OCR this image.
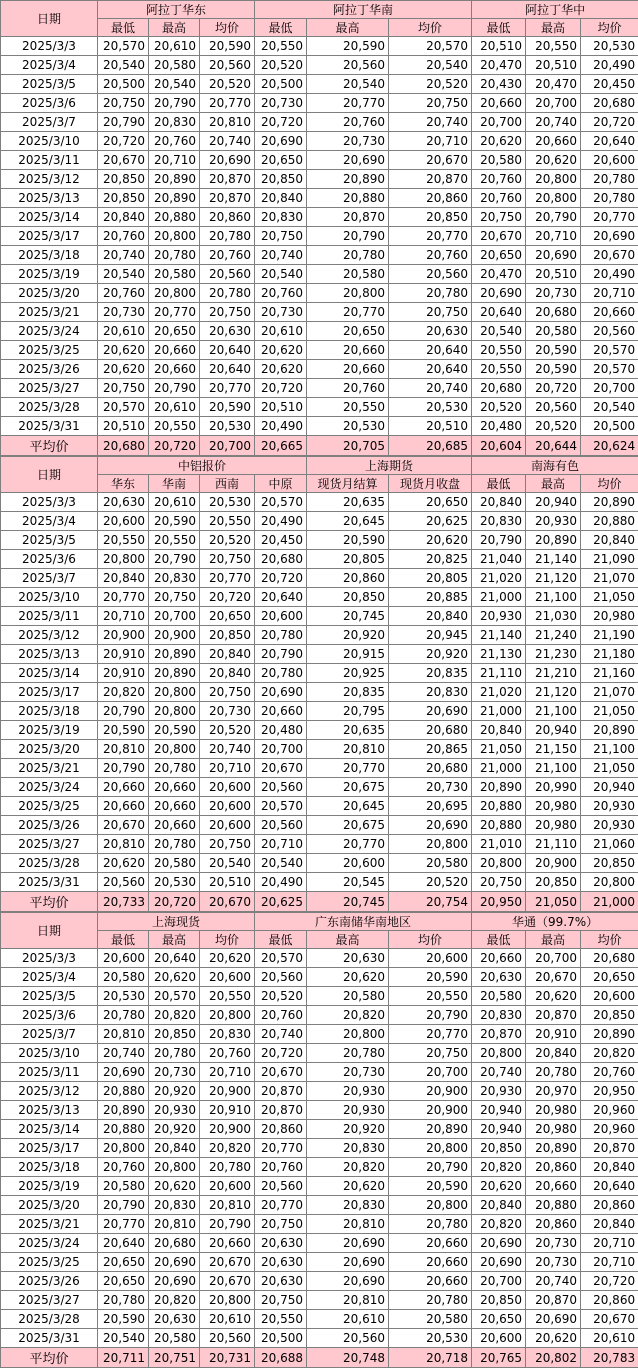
日期	阿拉丁华东			阿拉丁华南			阿拉丁华中		
	最低	最高	均价	最低	最高	均价	最低	最高	均价
2025/3/3	20,570	20,610	20,590	20,550	20,590	20,570	20,510	20,550	20,530
2025/3/4	20,540	20,580	20,560	20,520	20,560	20,540	20,470	20,510	20,490
2025/3/5	20,500	20,540	20,520	20,500	20,540	20,520	20,430	20,470	20,450
2025/3/6	20,750	20,790	20,770	20,730	20,770	20,750	20,660	20,700	20,680
2025/3/7	20,790	20,830	20,810	20,720	20,760	20,740	20,700	20,740	20,720
2025/3/10	20,720	20,760	20,740	20,690	20,730	20,710	20,620	20,660	20,640
2025/3/11	20,670	20,710	20,690	20,650	20,690	20,670	20,580	20,620	20,600
2025/3/12	20,850	20,890	20,870	20,850	20,890	20,870	20,760	20,800	20,780
2025/3/13	20,850	20,890	20,870	20,840	20,880	20,860	20,760	20,800	20,780
2025/3/14	20,840	20,880	20,860	20,830	20,870	20,850	20,750	20,790	20,770
2025/3/17	20,760	20,800	20,780	20,750	20,790	20,770	20,670	20,710	20,690
2025/3/18	20,740	20,780	20,760	20,740	20,780	20,760	20,650	20,690	20,670
2025/3/19	20,540	20,580	20,560	20,540	20,580	20,560	20,470	20,510	20,490
2025/3/20	20,760	20,800	20,780	20,760	20,800	20,780	20,690	20,730	20,710
2025/3/21	20,730	20,770	20,750	20,730	20,770	20,750	20,640	20,680	20,660
2025/3/24	20,610	20,650	20,630	20,610	20,650	20,630	20,540	20,580	20,560
2025/3/25	20,620	20,660	20,640	20,620	20,660	20,640	20,550	20,590	20,570
2025/3/26	20,620	20,660	20,640	20,620	20,660	20,640	20,550	20,590	20,570
2025/3/27	20,750	20,790	20,770	20,720	20,760	20,740	20,680	20,720	20,700
2025/3/28	20,570	20,610	20,590	20,510	20,550	20,530	20,520	20,560	20,540
2025/3/31	20,510	20,550	20,530	20,490	20,530	20,510	20,480	20,520	20,500
平均价	20,680	20,720	20,700	20,665	20,705	20,685	20,604	20,644	20,624
日期	中铝报价				上海期货		南海有色		
	华东	华南	西南	中原	现货月结算	现货月收盘	最低	最高	均价
2025/3/3	20,630	20,610	20,530	20,570	20,635	20,650	20,840	20,940	20,890
2025/3/4	20,600	20,590	20,550	20,490	20,645	20,625	20,830	20,930	20,880
2025/3/5	20,550	20,550	20,520	20,450	20,590	20,620	20,790	20,890	20,840
2025/3/6	20,800	20,790	20,750	20,680	20,805	20,825	21,040	21,140	21,090
2025/3/7	20,840	20,830	20,770	20,720	20,860	20,805	21,020	21,120	21,070
2025/3/10	20,770	20,750	20,720	20,640	20,850	20,885	21,000	21,100	21,050
2025/3/11	20,710	20,700	20,650	20,600	20,745	20,840	20,930	21,030	20,980
2025/3/12	20,900	20,900	20,850	20,780	20,920	20,945	21,140	21,240	21,190
2025/3/13	20,910	20,890	20,840	20,790	20,915	20,920	21,130	21,230	21,180
2025/3/14	20,910	20,890	20,840	20,780	20,925	20,835	21,110	21,210	21,160
2025/3/17	20,820	20,800	20,750	20,690	20,835	20,830	21,020	21,120	21,070
2025/3/18	20,790	20,800	20,730	20,660	20,795	20,690	21,000	21,100	21,050
2025/3/19	20,590	20,590	20,520	20,480	20,635	20,680	20,840	20,940	20,890
2025/3/20	20,810	20,800	20,740	20,700	20,810	20,865	21,050	21,150	21,100
2025/3/21	20,790	20,780	20,710	20,670	20,770	20,680	21,000	21,100	21,050
2025/3/24	20,660	20,660	20,600	20,560	20,675	20,730	20,890	20,990	20,940
2025/3/25	20,660	20,660	20,600	20,570	20,645	20,695	20,880	20,980	20,930
2025/3/26	20,670	20,660	20,600	20,560	20,675	20,690	20,880	20,980	20,930
2025/3/27	20,810	20,780	20,750	20,710	20,770	20,800	21,010	21,110	21,060
2025/3/28	20,620	20,580	20,540	20,540	20,600	20,580	20,800	20,900	20,850
2025/3/31	20,560	20,530	20,510	20,490	20,545	20,520	20,750	20,850	20,800
平均价	20,733	20,720	20,670	20,625	20,745	20,754	20,950	21,050	21,000
日期	上海现货			广东南储华南地区			华通（99.7%）		
	最低	最高	均价	最低	最高	均价	最低	最高	均价
2025/3/3	20,600	20,640	20,620	20,570	20,630	20,600	20,660	20,700	20,680
2025/3/4	20,580	20,620	20,600	20,560	20,620	20,590	20,630	20,670	20,650
2025/3/5	20,530	20,570	20,550	20,520	20,580	20,550	20,580	20,620	20,600
2025/3/6	20,780	20,820	20,800	20,760	20,820	20,790	20,830	20,870	20,850
2025/3/7	20,810	20,850	20,830	20,740	20,800	20,770	20,870	20,910	20,890
2025/3/10	20,740	20,780	20,760	20,720	20,780	20,750	20,800	20,840	20,820
2025/3/11	20,690	20,730	20,710	20,670	20,730	20,700	20,740	20,780	20,760
2025/3/12	20,880	20,920	20,900	20,870	20,930	20,900	20,930	20,970	20,950
2025/3/13	20,890	20,930	20,910	20,870	20,930	20,900	20,940	20,980	20,960
2025/3/14	20,880	20,920	20,900	20,860	20,920	20,890	20,940	20,980	20,960
2025/3/17	20,800	20,840	20,820	20,770	20,830	20,800	20,850	20,890	20,870
2025/3/18	20,760	20,800	20,780	20,760	20,820	20,790	20,820	20,860	20,840
2025/3/19	20,580	20,620	20,600	20,560	20,620	20,590	20,620	20,660	20,640
2025/3/20	20,790	20,830	20,810	20,770	20,830	20,800	20,840	20,880	20,860
2025/3/21	20,770	20,810	20,790	20,750	20,810	20,780	20,820	20,860	20,840
2025/3/24	20,640	20,680	20,660	20,630	20,690	20,660	20,690	20,730	20,710
2025/3/25	20,650	20,690	20,670	20,630	20,690	20,660	20,690	20,730	20,710
2025/3/26	20,650	20,690	20,670	20,630	20,690	20,660	20,700	20,740	20,720
2025/3/27	20,780	20,820	20,800	20,750	20,810	20,780	20,850	20,870	20,860
2025/3/28	20,590	20,630	20,610	20,550	20,610	20,580	20,650	20,690	20,670
2025/3/31	20,540	20,580	20,560	20,500	20,560	20,530	20,600	20,620	20,610
平均价	20,711	20,751	20,731	20,688	20,748	20,718	20,765	20,802	20,783
